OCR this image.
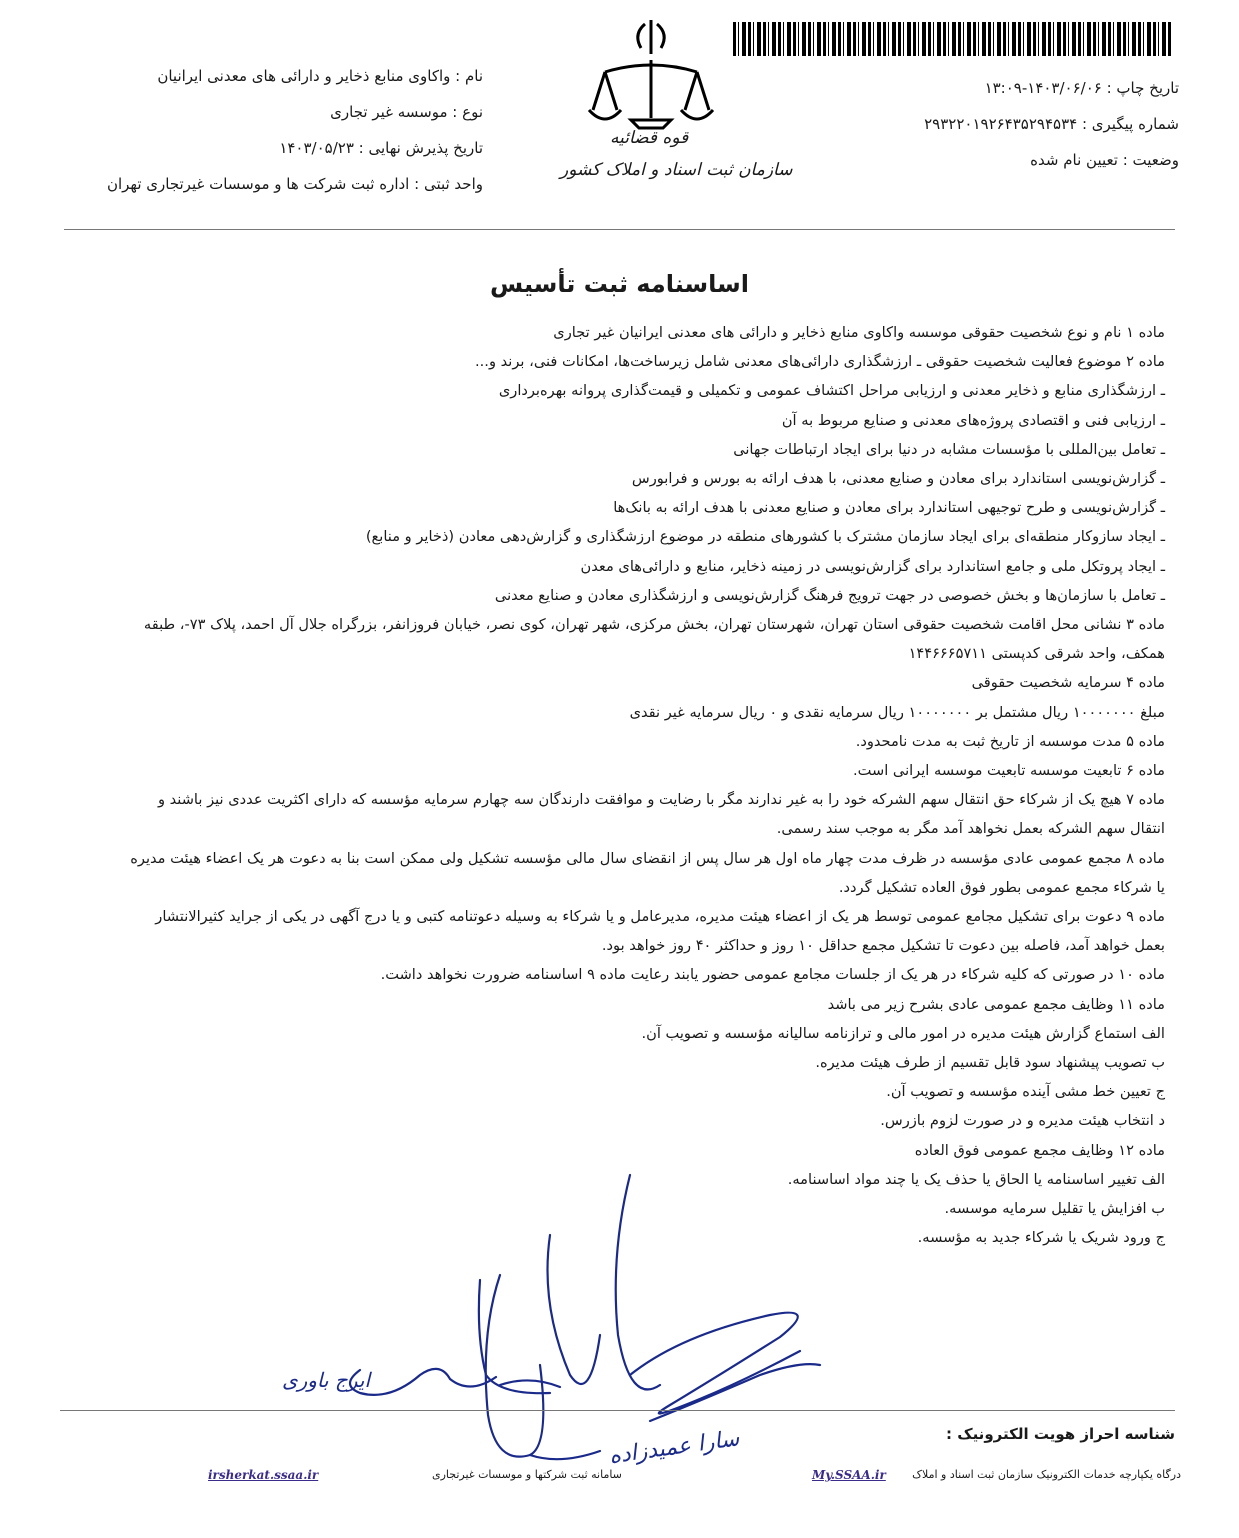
تاریخ چاپ : ۱۴۰۳/۰۶/۰۶-۱۳:۰۹
شماره پیگیری : ۲۹۳۲۲۰۱۹۲۶۴۳۵۲۹۴۵۳۴
وضعیت : تعیین نام شده
قوه قضائیه
سازمان ثبت اسناد و املاک کشور
نام : واکاوی منابع ذخایر و دارائی های معدنی ایرانیان
نوع : موسسه غیر تجاری
تاریخ پذیرش نهایی : ۱۴۰۳/۰۵/۲۳
واحد ثبتی : اداره ثبت شرکت ها و موسسات غیرتجاری تهران
اساسنامه ثبت تأسیس
ماده ۱ نام و نوع شخصیت حقوقی موسسه واکاوی منابع ذخایر و دارائی های معدنی ایرانیان غیر تجاری
ماده ۲ موضوع فعالیت شخصیت حقوقی ـ ارزشگذاری دارائی‌های معدنی شامل زیرساخت‌ها، امکانات فنی، برند و...
ـ ارزشگذاری منابع و ذخایر معدنی و ارزیابی مراحل اکتشاف عمومی و تکمیلی و قیمت‌گذاری پروانه بهره‌برداری
ـ ارزیابی فنی و اقتصادی پروژه‌های معدنی و صنایع مربوط به آن
ـ تعامل بین‌المللی با مؤسسات مشابه در دنیا برای ایجاد ارتباطات جهانی
ـ گزارش‌نویسی استاندارد برای معادن و صنایع معدنی، با هدف ارائه به بورس و فرابورس
ـ گزارش‌نویسی و طرح توجیهی استاندارد برای معادن و صنایع معدنی با هدف ارائه به بانک‌ها
ـ ایجاد سازوکار منطقه‌ای برای ایجاد سازمان مشترک با کشورهای منطقه در موضوع ارزشگذاری و گزارش‌دهی معادن (ذخایر و منابع)
ـ ایجاد پروتکل ملی و جامع استاندارد برای گزارش‌نویسی در زمینه ذخایر، منابع و دارائی‌های معدن
ـ تعامل با سازمان‌ها و بخش خصوصی در جهت ترویج فرهنگ گزارش‌نویسی و ارزشگذاری معادن و صنایع معدنی
ماده ۳ نشانی محل اقامت شخصیت حقوقی استان تهران، شهرستان تهران، بخش مرکزی، شهر تهران، کوی نصر، خیابان فروزانفر، بزرگراه جلال آل احمد، پلاک ۷۳-، طبقه
همکف، واحد شرقی کدپستی ۱۴۴۶۶۶۵۷۱۱
ماده ۴ سرمایه شخصیت حقوقی
مبلغ ۱۰۰۰۰۰۰۰ ریال مشتمل بر ۱۰۰۰۰۰۰۰ ریال سرمایه نقدی و ۰ ریال سرمایه غیر نقدی
ماده ۵ مدت موسسه از تاریخ ثبت به مدت نامحدود.
ماده ۶ تابعیت موسسه تابعیت موسسه ایرانی است.
ماده ۷ هیچ یک از شرکاء حق انتقال سهم الشرکه خود را به غیر ندارند مگر با رضایت و موافقت دارندگان سه چهارم سرمایه مؤسسه که دارای اکثریت عددی نیز باشند و
انتقال سهم الشرکه بعمل نخواهد آمد مگر به موجب سند رسمی.
ماده ۸ مجمع عمومی عادی مؤسسه در ظرف مدت چهار ماه اول هر سال پس از انقضای سال مالی مؤسسه تشکیل ولی ممکن است بنا به دعوت هر یک اعضاء هیئت مدیره
یا شرکاء مجمع عمومی بطور فوق العاده تشکیل گردد.
ماده ۹ دعوت برای تشکیل مجامع عمومی توسط هر یک از اعضاء هیئت مدیره، مدیرعامل و یا شرکاء به وسیله دعوتنامه کتبی و یا درج آگهی در یکی از جراید کثیرالانتشار
بعمل خواهد آمد، فاصله بین دعوت تا تشکیل مجمع حداقل ۱۰ روز و حداکثر ۴۰ روز خواهد بود.
ماده ۱۰ در صورتی که کلیه شرکاء در هر یک از جلسات مجامع عمومی حضور یابند رعایت ماده ۹ اساسنامه ضرورت نخواهد داشت.
ماده ۱۱ وظایف مجمع عمومی عادی بشرح زیر می باشد
الف استماع گزارش هیئت مدیره در امور مالی و ترازنامه سالیانه مؤسسه و تصویب آن.
ب تصویب پیشنهاد سود قابل تقسیم از طرف هیئت مدیره.
ج تعیین خط مشی آینده مؤسسه و تصویب آن.
د انتخاب هیئت مدیره و در صورت لزوم بازرس.
ماده ۱۲ وظایف مجمع عمومی فوق العاده
الف تغییر اساسنامه یا الحاق یا حذف یک یا چند مواد اساسنامه.
ب افزایش یا تقلیل سرمایه موسسه.
ج ورود شریک یا شرکاء جدید به مؤسسه.
ایرج باوری
سارا عمیدزاده	شناسه احراز هویت الکترونیک :
درگاه یکپارچه خدمات الکترونیک سازمان ثبت اسناد و املاک
My.SSAA.ir
سامانه ثبت شرکتها و موسسات غیرتجاری
irsherkat.ssaa.ir
